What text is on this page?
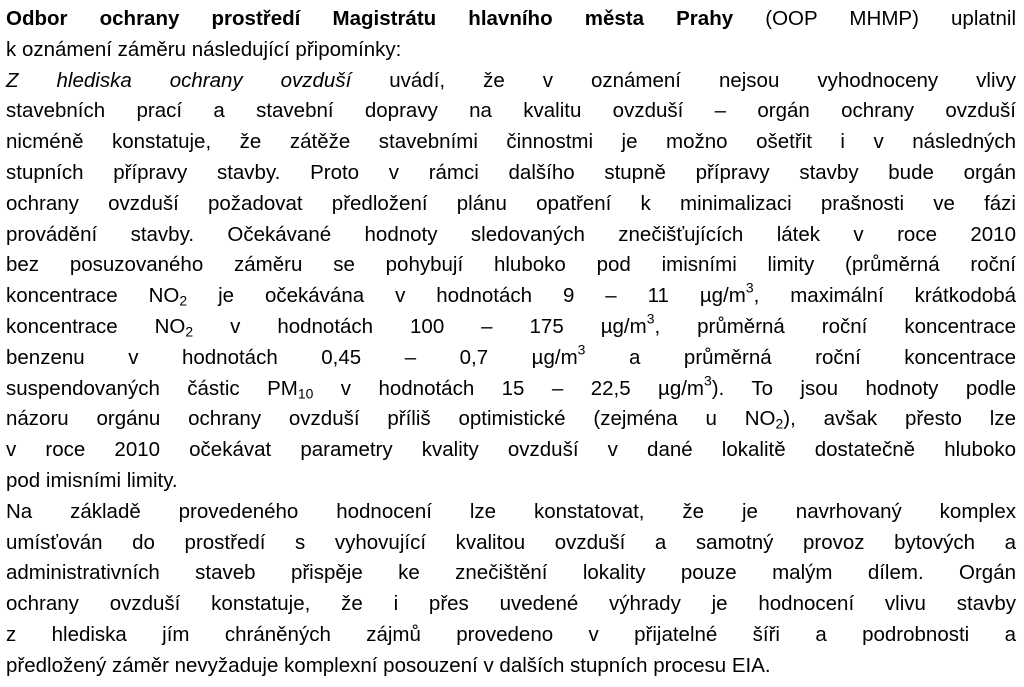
Odbor ochrany prostředí Magistrátu hlavního města Prahy (OOP MHMP) uplatnil
k oznámení záměru následující připomínky:

Z hlediska ochrany ovzduší uvádí, že v oznámení nejsou vyhodnoceny vlivy
stavebních prací a stavební dopravy na kvalitu ovzduší – orgán ochrany ovzduší
nicméně konstatuje, že zátěže stavebními činnostmi je možno ošetřit i v následných
stupních přípravy stavby. Proto v rámci dalšího stupně přípravy stavby bude orgán
ochrany ovzduší požadovat předložení plánu opatření k minimalizaci prašnosti ve fázi
provádění stavby. Očekávané hodnoty sledovaných znečišťujících látek v roce 2010
bez posuzovaného záměru se pohybují hluboko pod imisními limity (průměrná roční
koncentrace $NO_2$ je očekávána v hodnotách 9 – 11 $\mu g/m^3$, maximální krátkodobá
koncentrace $NO_2$ v hodnotách 100 – 175 $\mu g/m^3$, průměrná roční koncentrace
benzenu v hodnotách 0,45 – 0,7 $\mu g/m^3$ a průměrná roční koncentrace
suspendovaných částic $PM_{10}$ v hodnotách 15 – 22,5 $\mu g/m^3$). To jsou hodnoty podle
názoru orgánu ochrany ovzduší příliš optimistické (zejména u $NO_2$), avšak přesto lze
v roce 2010 očekávat parametry kvality ovzduší v dané lokalitě dostatečně hluboko
pod imisními limity.

Na základě provedeného hodnocení lze konstatovat, že je navrhovaný komplex
umísťován do prostředí s vyhovující kvalitou ovzduší a samotný provoz bytových a
administrativních staveb přispěje ke znečištění lokality pouze malým dílem. Orgán
ochrany ovzduší konstatuje, že i přes uvedené výhrady je hodnocení vlivu stavby
z hlediska jím chráněných zájmů provedeno v přijatelné šíři a podrobnosti a
předložený záměr nevyžaduje komplexní posouzení v dalších stupních procesu EIA.
